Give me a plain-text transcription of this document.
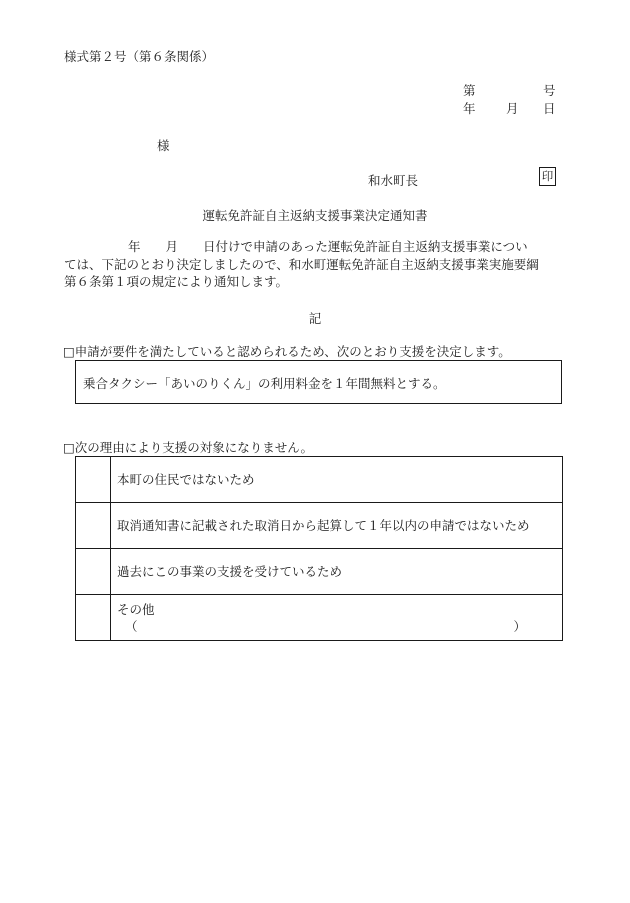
様式第２号（第６条関係）
第	号
年 月 日
様
和水町長	印
運転免許証自主返納支援事業決定通知書
年　　月　　日付けで申請のあった運転免許証自主返納支援事業につい
ては、下記のとおり決定しましたので、和水町運転免許証自主返納支援事業実施要綱
第６条第１項の規定により通知します。
記
□申請が要件を満たしていると認められるため、次のとおり支援を決定します。
乗合タクシー「あいのりくん」の利用料金を１年間無料とする。
□次の理由により支援の対象になりません。
	本町の住民ではないため
	取消通知書に記載された取消日から起算して１年以内の申請ではないため
	過去にこの事業の支援を受けているため

	その他
（ ）
